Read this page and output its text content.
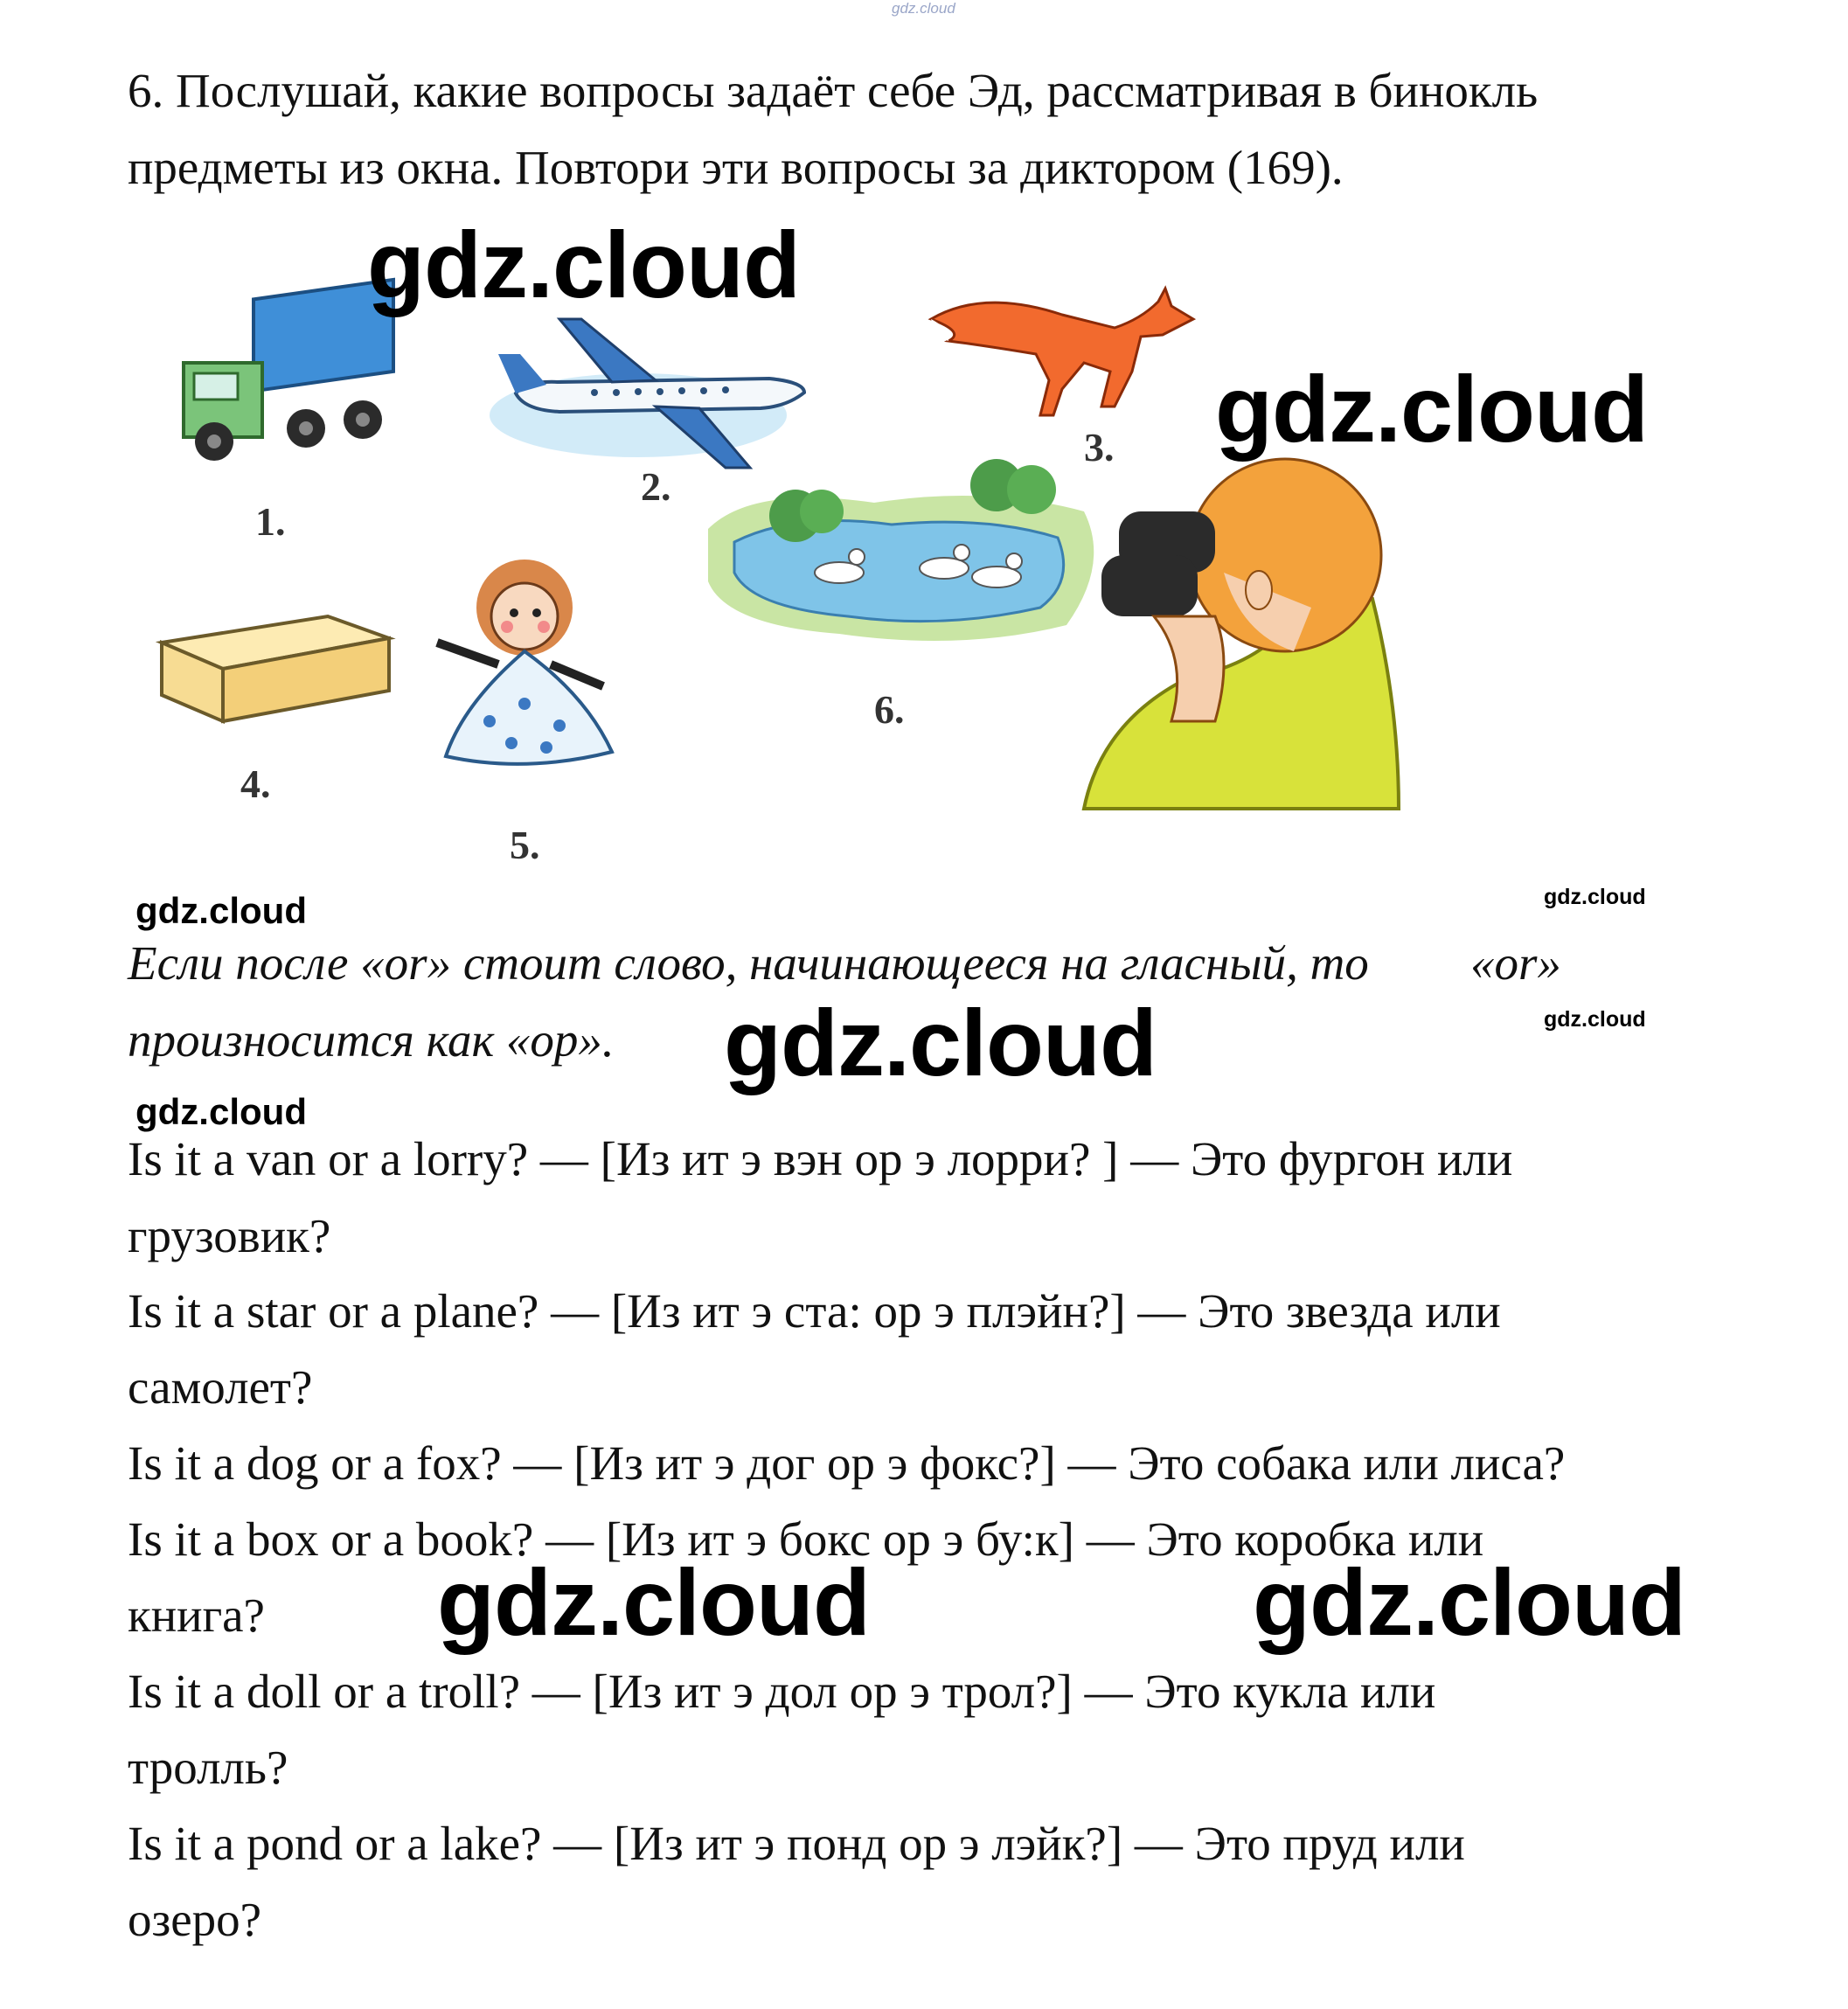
gdz.cloud
6. Послушай, какие вопросы задаёт себе Эд, рассматривая в бинокль
предметы из окна. Повтори эти вопросы за диктором (169).
1.
2.
3.
4.
5.
6.
gdz.cloud
gdz.cloud
gdz.cloud	gdz.cloud
Если после «or» стоит слово, начинающееся на гласный, то «or»
произносится как «ор». gdz.cloud	gdz.cloud
gdz.cloud
Is it a van or a lorry? — [Из ит э вэн ор э лорри? ] — Это фургон или
грузовик?
Is it a star or a plane? — [Из ит э ста: ор э плэйн?] — Это звезда или
самолет?
Is it a dog or a fox? — [Из ит э дог ор э фокс?] — Это собака или лиса?
Is it a box or a book? — [Из ит э бокс ор э бу:к] — Это коробка или
книга? gdz.cloud	gdz.cloud
Is it a doll or a troll? — [Из ит э дол ор э трол?] — Это кукла или
тролль?
Is it a pond or a lake? — [Из ит э понд ор э лэйк?] — Это пруд или
озеро?
